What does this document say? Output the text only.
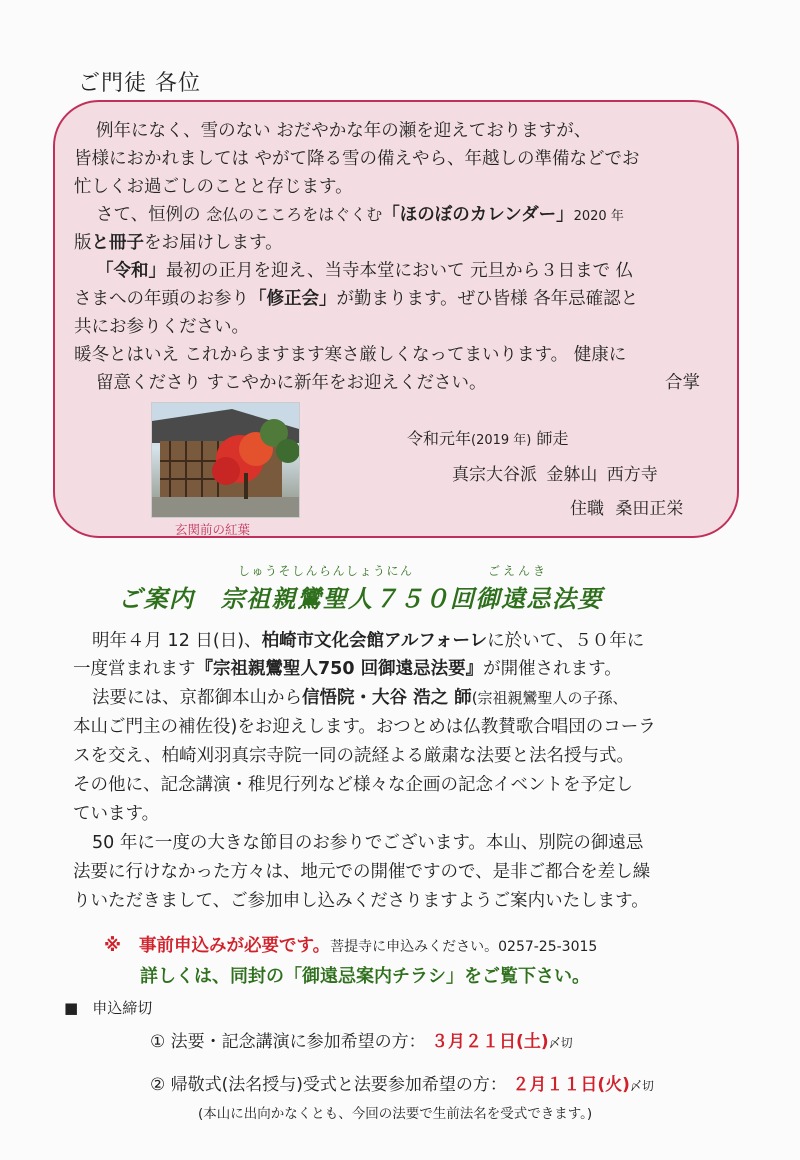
ご門徒 各位

例年になく、雪のない おだやかな年の瀬を迎えておりますが、

皆様におかれましては やがて降る雪の備えやら、年越しの準備などでお

忙しくお過ごしのことと存じます。

さて、恒例の 念仏のこころをはぐくむ「ほのぼのカレンダー」2020 年

版と冊子をお届けします。

「令和」最初の正月を迎え、当寺本堂において 元旦から３日まで 仏

さまへの年頭のお参り「修正会」が勤まります。ぜひ皆様 各年忌確認と

共にお参りください。

暖冬とはいえ これからますます寒さ厳しくなってまいります。 健康に

留意くださり すこやかに新年をお迎えください。	合掌

玄関前の紅葉
令和元年(2019 年) 師走
真宗大谷派 金躰山 西方寺
住職 桑田正栄
しゅうそしんらんしょうにん	ごえんき
ご案内 宗祖親鸞聖人７５０回御遠忌法要

明年４月 12 日(日)、柏崎市文化会館アルフォーレに於いて、５０年に

一度営まれます『宗祖親鸞聖人750 回御遠忌法要』が開催されます。

法要には、京都御本山から信悟院・大谷 浩之 師(宗祖親鸞聖人の子孫、

本山ご門主の補佐役)をお迎えします。おつとめは仏教賛歌合唱団のコーラ

スを交え、柏崎刈羽真宗寺院一同の読経よる厳粛な法要と法名授与式。

その他に、記念講演・稚児行列など様々な企画の記念イベントを予定し

ています。

50 年に一度の大きな節目のお参りでございます。本山、別院の御遠忌

法要に行けなかった方々は、地元での開催ですので、是非ご都合を差し繰

りいただきまして、ご参加申し込みくださりますようご案内いたします。

※ 事前申込みが必要です。菩提寺に申込みください。0257-25-3015
詳しくは、同封の「御遠忌案内チラシ」をご覧下さい。
■ 申込締切
① 法要・記念講演に参加希望の方： ３月２１日(土)〆切
② 帰敬式(法名授与)受式と法要参加希望の方： ２月１１日(火)〆切
(本山に出向かなくとも、今回の法要で生前法名を受式できます。)
